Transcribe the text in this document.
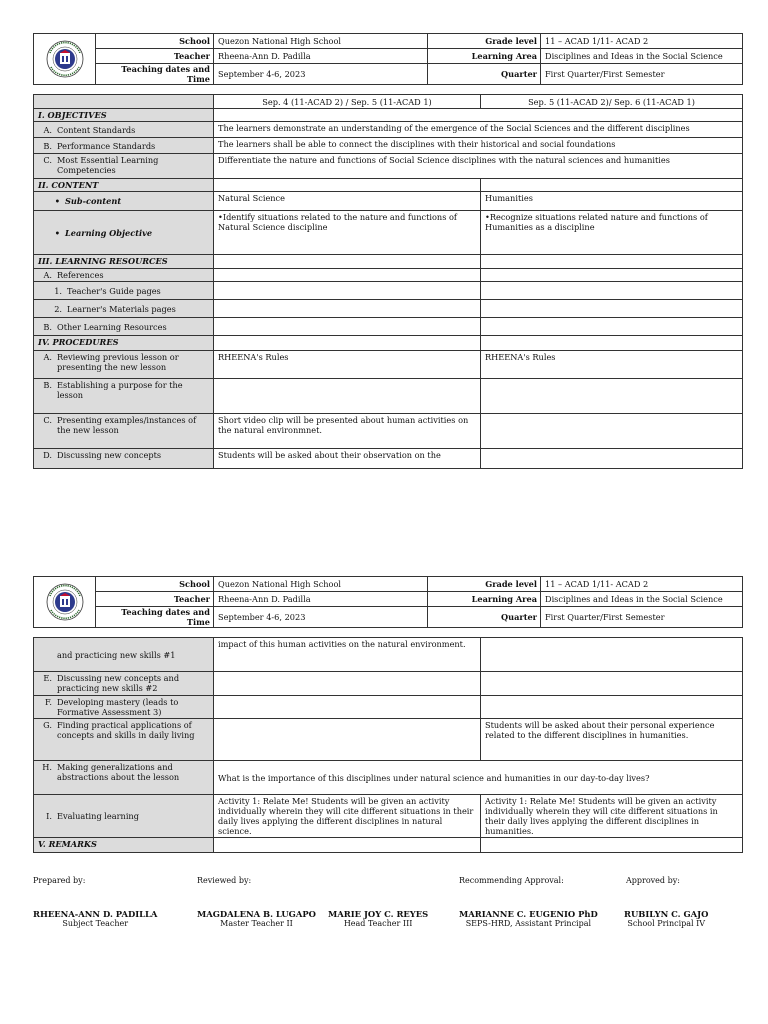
	School	Quezon National High School	Grade level	11 – ACAD 1/11- ACAD 2
	Teacher	Rheena-Ann D. Padilla	Learning Area	Disciplines and Ideas in the Social Science
	Teaching dates and Time	September 4-6, 2023	Quarter	First Quarter/First Semester
	Sep. 4 (11-ACAD 2) / Sep. 5 (11-ACAD 1)	Sep. 5 (11-ACAD 2)/ Sep. 6 (11-ACAD 1)
I. OBJECTIVES		

A. Content Standards	The learners demonstrate an understanding of the emergence of the Social Sciences and the different disciplines	

B. Performance Standards	The learners shall be able to connect the disciplines with their historical and social foundations	

C. Most Essential Learning Competencies	Differentiate the nature and functions of Social Science disciplines with the natural sciences and humanities	
II. CONTENT		

• Sub-content	Natural Science	Humanities

• Learning Objective	•Identify situations related to the nature and functions of Natural Science discipline	•Recognize situations related nature and functions of Humanities as a discipline
III. LEARNING RESOURCES		

A. References		

1. Teacher's Guide pages		

2. Learner's Materials pages		

B. Other Learning Resources		

IV. PROCEDURES		

A. Reviewing previous lesson or presenting the new lesson	RHEENA's Rules	RHEENA's Rules

B. Establishing a purpose for the lesson		

C. Presenting examples/instances of the new lesson	Short video clip will be presented about human activities on the natural environmnet.	

D. Discussing new concepts	Students will be asked about their observation on the	
	School	Quezon National High School	Grade level	11 – ACAD 1/11- ACAD 2
	Teacher	Rheena-Ann D. Padilla	Learning Area	Disciplines and Ideas in the Social Science
	Teaching dates and Time	September 4-6, 2023	Quarter	First Quarter/First Semester
and practicing new skills #1	impact of this human activities on the natural environment.	

E. Discussing new concepts and practicing new skills #2		

F. Developing mastery (leads to Formative Assessment 3)		

G. Finding practical applications of concepts and skills in daily living		Students will be asked about their personal experience related to the different disciplines in humanities.

H. Making generalizations and abstractions about the lesson	What is the importance of this disciplines under natural science and humanities in our day-to-day lives?	

I. Evaluating learning	Activity 1: Relate Me! Students will be given an activity individually wherein they will cite different situations in their daily lives applying the different disciplines in natural science.	Activity 1: Relate Me! Students will be given an activity individually wherein they will cite different situations in their daily lives applying the different disciplines in humanities.
V. REMARKS		
Prepared by:	Reviewed by:	Recommending Approval:	Approved by:
RHEENA-ANN D. PADILLA
Subject Teacher
MAGDALENA B. LUGAPO
Master Teacher II
MARIE JOY C. REYES
Head Teacher III
MARIANNE C. EUGENIO PhD
SEPS-HRD, Assistant Principal
RUBILYN C. GAJO
School Principal IV
